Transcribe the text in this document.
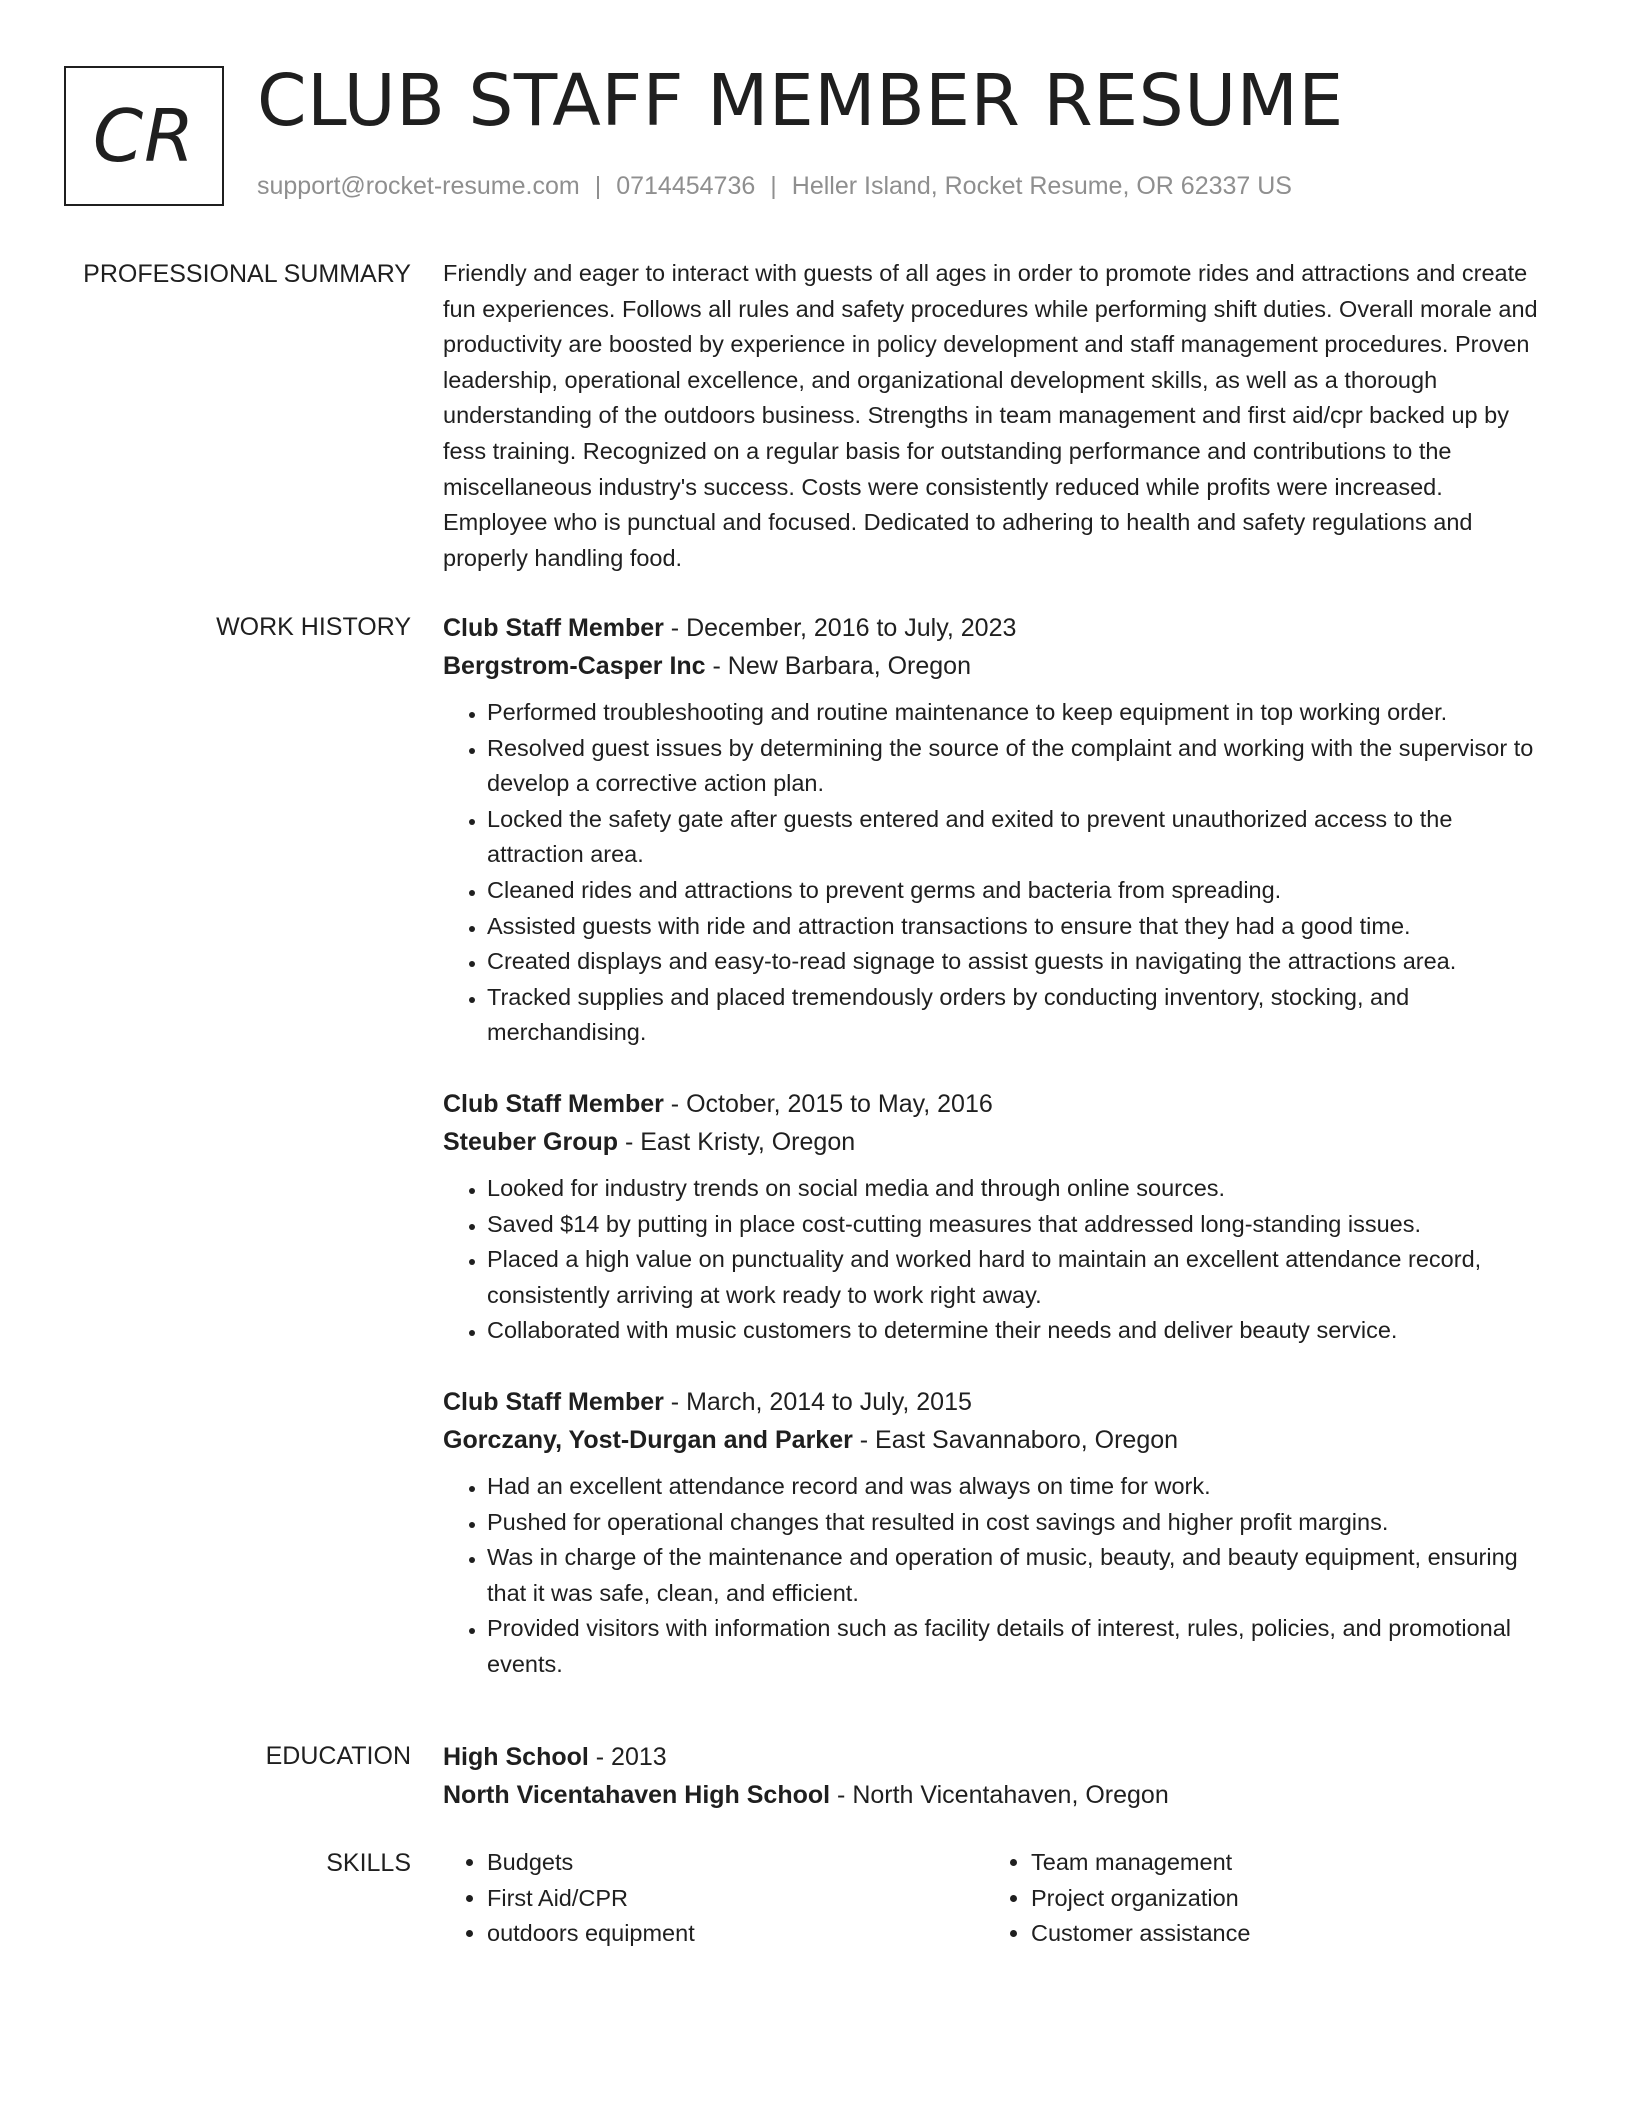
CR CLUB STAFF MEMBER RESUME
support@rocket-resume.com | 0714454736 | Heller Island, Rocket Resume, OR 62337 US
PROFESSIONAL SUMMARY Friendly and eager to interact with guests of all ages in order to promote rides and attractions and create fun experiences. Follows all rules and safety procedures while performing shift duties. Overall morale and productivity are boosted by experience in policy development and staff management procedures. Proven leadership, operational excellence, and organizational development skills, as well as a thorough understanding of the outdoors business. Strengths in team management and first aid/cpr backed up by fess training. Recognized on a regular basis for outstanding performance and contributions to the miscellaneous industry's success. Costs were consistently reduced while profits were increased. Employee who is punctual and focused. Dedicated to adhering to health and safety regulations and properly handling food.

WORK HISTORY Club Staff Member - December, 2016 to July, 2023

Bergstrom-Casper Inc - New Barbara, Oregon

• Performed troubleshooting and routine maintenance to keep equipment in top working order.
• Resolved guest issues by determining the source of the complaint and working with the supervisor to develop a corrective action plan.
• Locked the safety gate after guests entered and exited to prevent unauthorized access to the attraction area.
• Cleaned rides and attractions to prevent germs and bacteria from spreading.
• Assisted guests with ride and attraction transactions to ensure that they had a good time.
• Created displays and easy-to-read signage to assist guests in navigating the attractions area.
• Tracked supplies and placed tremendously orders by conducting inventory, stocking, and merchandising.

Club Staff Member - October, 2015 to May, 2016

Steuber Group - East Kristy, Oregon

• Looked for industry trends on social media and through online sources.
• Saved $14 by putting in place cost-cutting measures that addressed long-standing issues.
• Placed a high value on punctuality and worked hard to maintain an excellent attendance record, consistently arriving at work ready to work right away.
• Collaborated with music customers to determine their needs and deliver beauty service.

Club Staff Member - March, 2014 to July, 2015

Gorczany, Yost-Durgan and Parker - East Savannaboro, Oregon

• Had an excellent attendance record and was always on time for work.
• Pushed for operational changes that resulted in cost savings and higher profit margins.
• Was in charge of the maintenance and operation of music, beauty, and beauty equipment, ensuring that it was safe, clean, and efficient.
• Provided visitors with information such as facility details of interest, rules, policies, and promotional events.
EDUCATION High School - 2013

North Vicentahaven High School - North Vicentahaven, Oregon

SKILLS
•	Budgets
• First Aid/CPR
• outdoors equipment
• Team management
• Project organization
• Customer assistance
